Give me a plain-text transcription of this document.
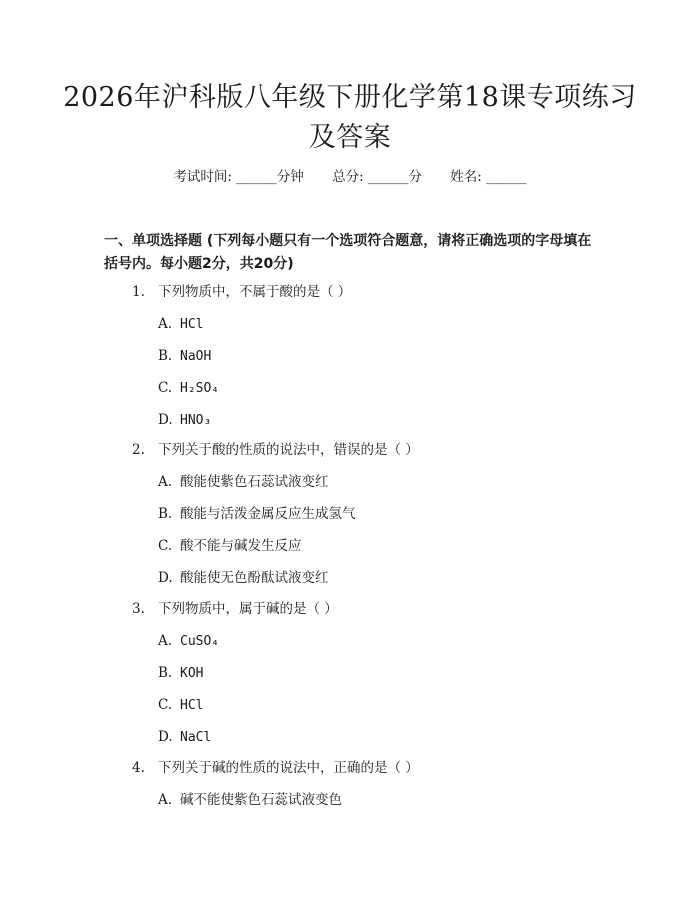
2026年沪科版八年级下册化学第18课专项练习及答案
考试时间: ______分钟 总分: ______分 姓名: ______
一、单项选择题 (下列每小题只有一个选项符合题意，请将正确选项的字母填在括号内。每小题2分，共20分)
1. 下列物质中，不属于酸的是（ ）
A. HCl
B. NaOH
C. H₂SO₄
D. HNO₃
2. 下列关于酸的性质的说法中，错误的是（ ）
A. 酸能使紫色石蕊试液变红
B. 酸能与活泼金属反应生成氢气
C. 酸不能与碱发生反应
D. 酸能使无色酚酞试液变红
3. 下列物质中，属于碱的是（ ）
A. CuSO₄
B. KOH
C. HCl
D. NaCl
4. 下列关于碱的性质的说法中，正确的是（ ）
A. 碱不能使紫色石蕊试液变色
